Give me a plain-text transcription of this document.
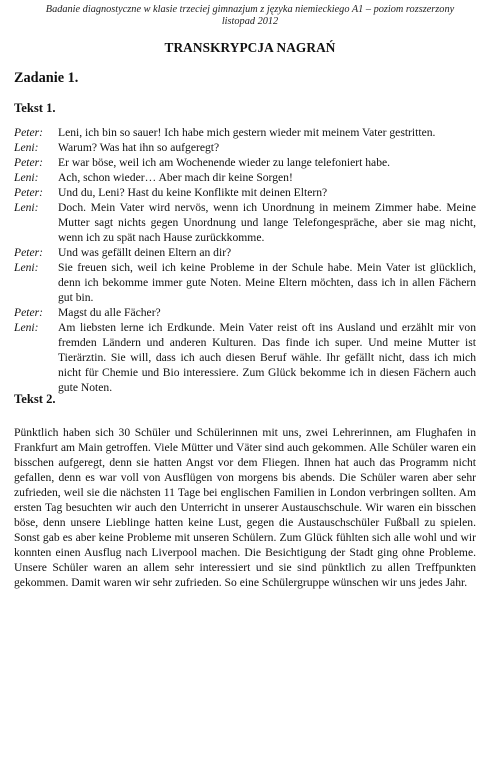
Badanie diagnostyczne w klasie trzeciej gimnazjum z języka niemieckiego A1 – poziom rozszerzony
listopad 2012
TRANSKRYPCJA NAGRAŃ
Zadanie 1.
Tekst 1.
Peter:	Leni, ich bin so sauer! Ich habe mich gestern wieder mit meinem Vater gestritten.
Leni:	Warum? Was hat ihn so aufgeregt?
Peter:	Er war böse, weil ich am Wochenende wieder zu lange telefoniert habe.
Leni:	Ach, schon wieder… Aber mach dir keine Sorgen!
Peter:	Und du, Leni? Hast du keine Konflikte mit deinen Eltern?
Leni:	Doch. Mein Vater wird nervös, wenn ich Unordnung in meinem Zimmer habe. Meine Mutter sagt nichts gegen Unordnung und lange Telefongespräche, aber sie mag nicht, wenn ich zu spät nach Hause zurückkomme.
Peter:	Und was gefällt deinen Eltern an dir?
Leni:	Sie freuen sich, weil ich keine Probleme in der Schule habe. Mein Vater ist glücklich, denn ich bekomme immer gute Noten. Meine Eltern möchten, dass ich in allen Fächern gut bin.
Peter:	Magst du alle Fächer?
Leni:	Am liebsten lerne ich Erdkunde. Mein Vater reist oft ins Ausland und erzählt mir von fremden Ländern und anderen Kulturen. Das finde ich super. Und meine Mutter ist Tierärztin. Sie will, dass ich auch diesen Beruf wähle. Ihr gefällt nicht, dass ich mich nicht für Chemie und Bio interessiere. Zum Glück bekomme ich in diesen Fächern auch gute Noten.
Tekst 2.
Pünktlich haben sich 30 Schüler und Schülerinnen mit uns, zwei Lehrerinnen, am Flughafen in Frankfurt am Main getroffen. Viele Mütter und Väter sind auch gekommen. Alle Schüler waren ein bisschen aufgeregt, denn sie hatten Angst vor dem Fliegen. Ihnen hat auch das Programm nicht gefallen, denn es war voll von Ausflügen von morgens bis abends. Die Schüler waren aber sehr zufrieden, weil sie die nächsten 11 Tage bei englischen Familien in London verbringen sollten. Am ersten Tag besuchten wir auch den Unterricht in unserer Austauschschule. Wir waren ein bisschen böse, denn unsere Lieblinge hatten keine Lust, gegen die Austauschschüler Fußball zu spielen. Sonst gab es aber keine Probleme mit unseren Schülern. Zum Glück fühlten sich alle wohl und wir konnten einen Ausflug nach Liverpool machen. Die Besichtigung der Stadt ging ohne Probleme. Unsere Schüler waren an allem sehr interessiert und sie sind pünktlich zu allen Treffpunkten gekommen. Damit waren wir sehr zufrieden. So eine Schülergruppe wünschen wir uns jedes Jahr.
